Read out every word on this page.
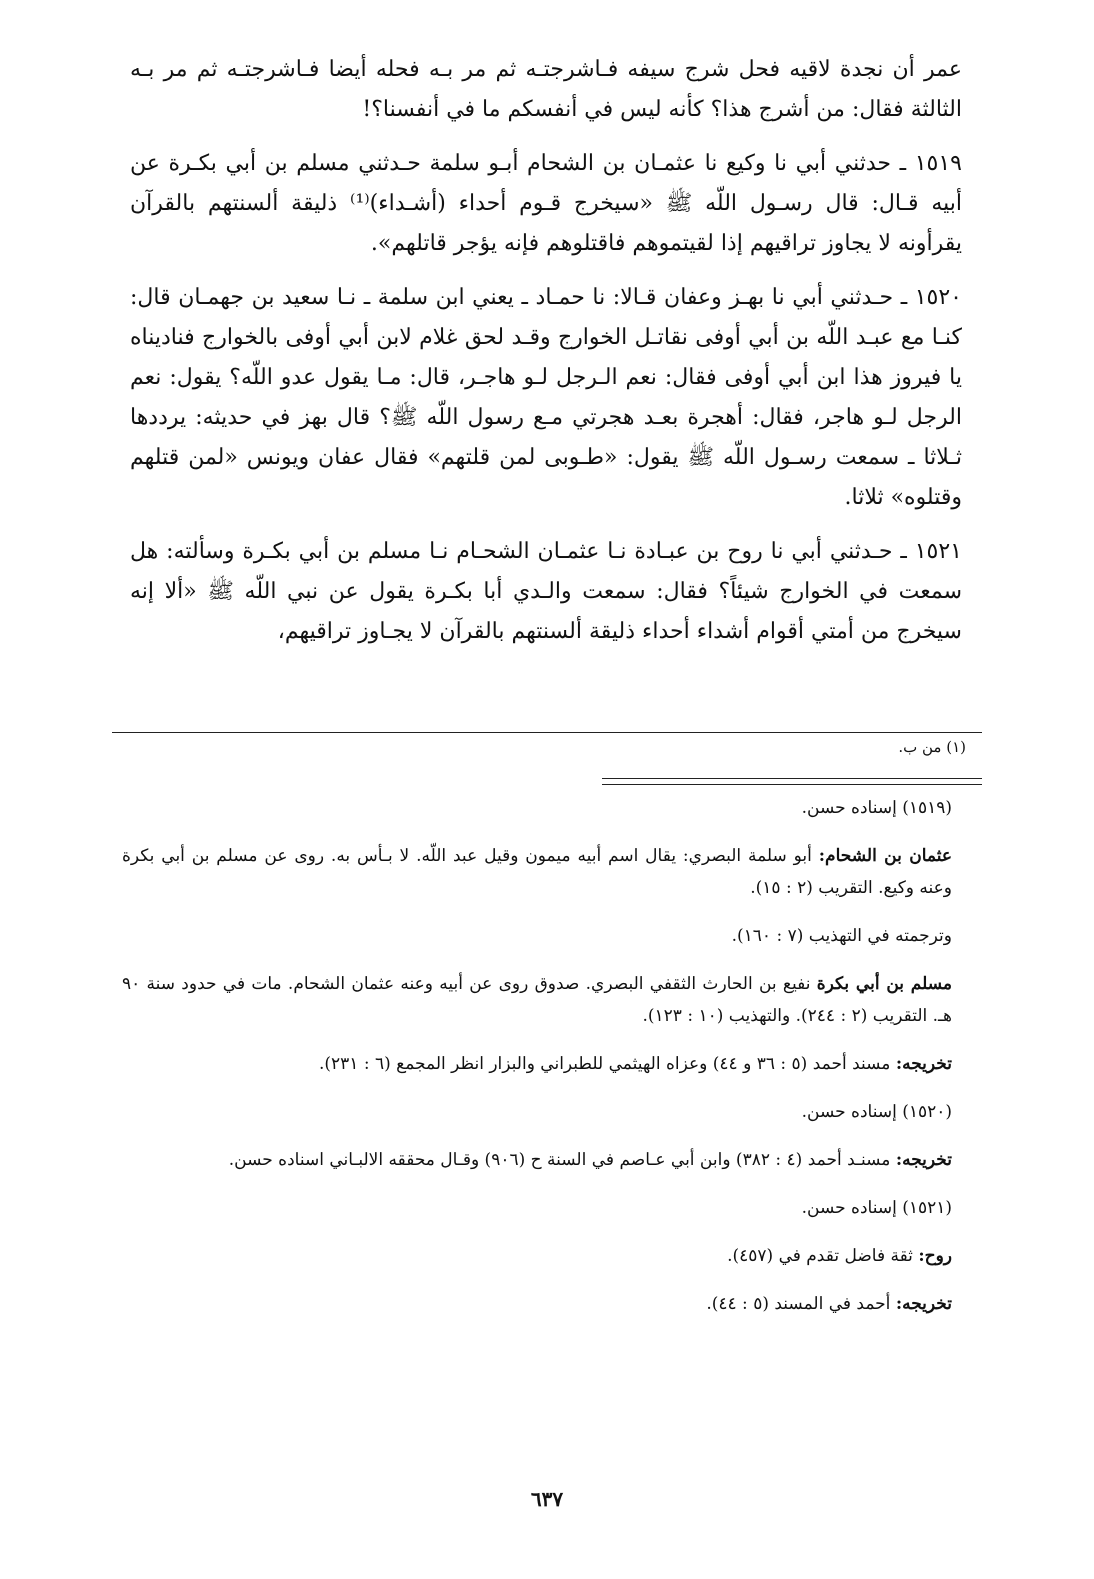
عمر أن نجدة لاقيه فحل شرج سيفه فـاشرجتـه ثم مر بـه فحله أيضا فـاشرجتـه ثم مر بـه الثالثة فقال: من أشرج هذا؟ كأنه ليس في أنفسكم ما في أنفسنا؟!

١٥١٩ ـ حدثني أبي نا وكيع نا عثمـان بن الشحام أبـو سلمة حـدثني مسلم بن أبي بكـرة عن أبيه قـال: قال رسـول اللّه ﷺ «سيخرج قـوم أحداء (أشـداء)⁽¹⁾ ذليقة ألسنتهم بالقرآن يقرأونه لا يجاوز تراقيهم إذا لقيتموهم فاقتلوهم فإنه يؤجر قاتلهم».

١٥٢٠ ـ حـدثني أبي نا بهـز وعفان قـالا: نا حمـاد ـ يعني ابن سلمة ـ نـا سعيد بن جهمـان قال: كنـا مع عبـد اللّه بن أبي أوفى نقاتـل الخوارج وقـد لحق غلام لابن أبي أوفى بالخوارج فناديناه يا فيروز هذا ابن أبي أوفى فقال: نعم الـرجل لـو هاجـر، قال: مـا يقول عدو اللّه؟ يقول: نعم الرجل لـو هاجر، فقال: أهجرة بعـد هجرتي مـع رسول اللّه ﷺ؟ قال بهز في حديثه: يرددها ثـلاثا ـ سمعت رسـول اللّه ﷺ يقول: «طـوبى لمن قلتهم» فقال عفان ويونس «لمن قتلهم وقتلوه» ثلاثا.

١٥٢١ ـ حـدثني أبي نا روح بن عبـادة نـا عثمـان الشحـام نـا مسلم بن أبي بكـرة وسألته: هل سمعت في الخوارج شيئاً؟ فقال: سمعت والـدي أبا بكـرة يقول عن نبي اللّه ﷺ «ألا إنه سيخرج من أمتي أقوام أشداء أحداء ذليقة ألسنتهم بالقرآن لا يجـاوز تراقيهم،

(١) من ب.

(١٥١٩) إسناده حسن.

عثمان بن الشحام: أبو سلمة البصري: يقال اسم أبيه ميمون وقيل عبد اللّه. لا بـأس به. روى عن مسلم بن أبي بكرة وعنه وكيع. التقريب (٢ : ١٥).

وترجمته في التهذيب (٧ : ١٦٠).

مسلم بن أبي بكرة نفيع بن الحارث الثقفي البصري. صدوق روى عن أبيه وعنه عثمان الشحام. مات في حدود سنة ٩٠ هـ. التقريب (٢ : ٢٤٤). والتهذيب (١٠ : ١٢٣).

تخريجه: مسند أحمد (٥ : ٣٦ و ٤٤) وعزاه الهيثمي للطبراني والبزار انظر المجمع (٦ : ٢٣١).

(١٥٢٠) إسناده حسن.

تخريجه: مسنـد أحمد (٤ : ٣٨٢) وابن أبي عـاصم في السنة ح (٩٠٦) وقـال محققه الالبـاني اسناده حسن.

(١٥٢١) إسناده حسن.

روح: ثقة فاضل تقدم في (٤٥٧).

تخريجه: أحمد في المسند (٥ : ٤٤).

٦٣٧
